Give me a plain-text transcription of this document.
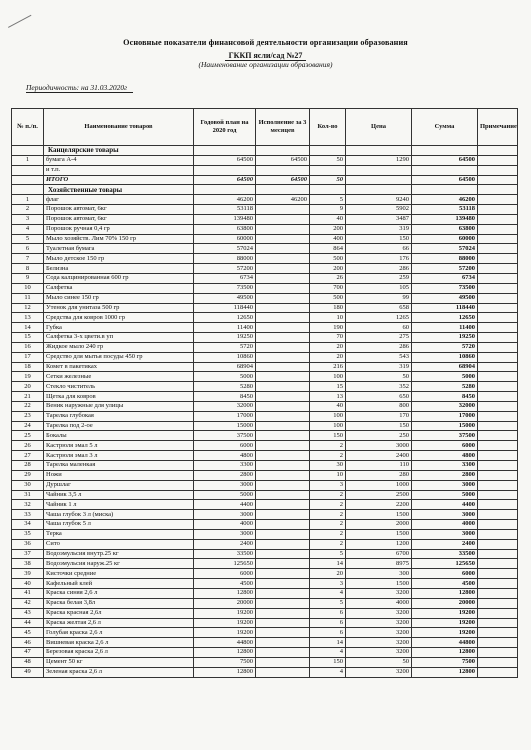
Основные показатели финансовой деятельности организации образования
ГККП ясли/сад №27
(Наименование организации образования)
Периодичность: на 31.03.2020г
№ п./п.	Наименование товаров	Годовой план на 2020 год	Исполнение за 3 месяцев	Кол-во	Цена	Сумма	Примечание
	Канцелярские товары						
1	бумага А-4	64500	64500	50	1290	64500	
	и т.п.						
	ИТОГО	64500	64500	50		64500	
	Хозяйственные товары						
1	флаг	46200	46200	5	9240	46200	
2	Порошок автомат, 6кг	53118		9	5902	53118	
3	Порошок автомат, 6кг	139480		40	3487	139480	
4	Порошок ручная 0,4 гр	63800		200	319	63800	
5	Мыло хозяйств. Лим 70% 150 гр	60000		400	150	60000	
6	Туалетная бумага	57024		864	66	57024	
7	Мыло детское 150 гр	88000		500	176	88000	
8	Белизна	57200		200	286	57200	
9	Сода калцинированная 600 гр	6734		26	259	6734	
10	Салфетка	73500		700	105	73500	
11	Мыло синее 150 гр	49500		500	99	49500	
12	Утенок для унитаза 500 гр	118440		180	658	118440	
13	Средства для ковров 1000 гр	12650		10	1265	12650	
14	Губка	11400		190	60	11400	
15	Салфетка 3-х цвети.в уп	19250		70	275	19250	
16	Жидкое мыло 240 гр	5720		20	286	5720	
17	Средство для мытья посуды 450 гр	10860		20	543	10860	
18	Комет в пакетиках	68904		216	319	68904	
19	Сетки железные	5000		100	50	5000	
20	Стекло чиститель	5280		15	352	5280	
21	Щетка для ковров	8450		13	650	8450	
22	Веник наружные для улицы	32000		40	800	32000	
23	Тарелка глубокая	17000		100	170	17000	
24	Тарелка под 2-ое	15000		100	150	15000	
25	Бокалы	37500		150	250	37500	
26	Кастрюля эмал 5 л	6000		2	3000	6000	
27	Кастрюля эмал 3 л	4800		2	2400	4800	
28	Тарелка маленкая	3300		30	110	3300	
29	Ножи	2800		10	280	2800	
30	Дуршлаг	3000		3	1000	3000	
31	Чайник 3,5 л	5000		2	2500	5000	
32	Чайник 1 л	4400		2	2200	4400	
33	Чаша глубок 3 л (миска)	3000		2	1500	3000	
34	Чаша глубок 5 л	4000		2	2000	4000	
35	Терка	3000		2	1500	3000	
36	Сито	2400		2	1200	2400	
37	Водоэмульсия внутр.25 кг	33500		5	6700	33500	
38	Водоэмульсия наруж.25 кг	125650		14	8975	125650	
39	Кисточки средние	6000		20	300	6000	
40	Кафельный клей	4500		3	1500	4500	
41	Краска синяя 2,6 л	12800		4	3200	12800	
42	Краска белая 3,8л	20000		5	4000	20000	
43	Краска красная 2,6л	19200		6	3200	19200	
44	Краска желтая 2,6 л	19200		6	3200	19200	
45	Голубая краска 2,6 л	19200		6	3200	19200	
46	Вишневая краска 2,6 л	44800		14	3200	44800	
47	Березовая краска 2,6 л	12800		4	3200	12800	
48	Цемент 50 кг	7500		150	50	7500	
49	Зеленая краска 2,6 л	12800		4	3200	12800	
